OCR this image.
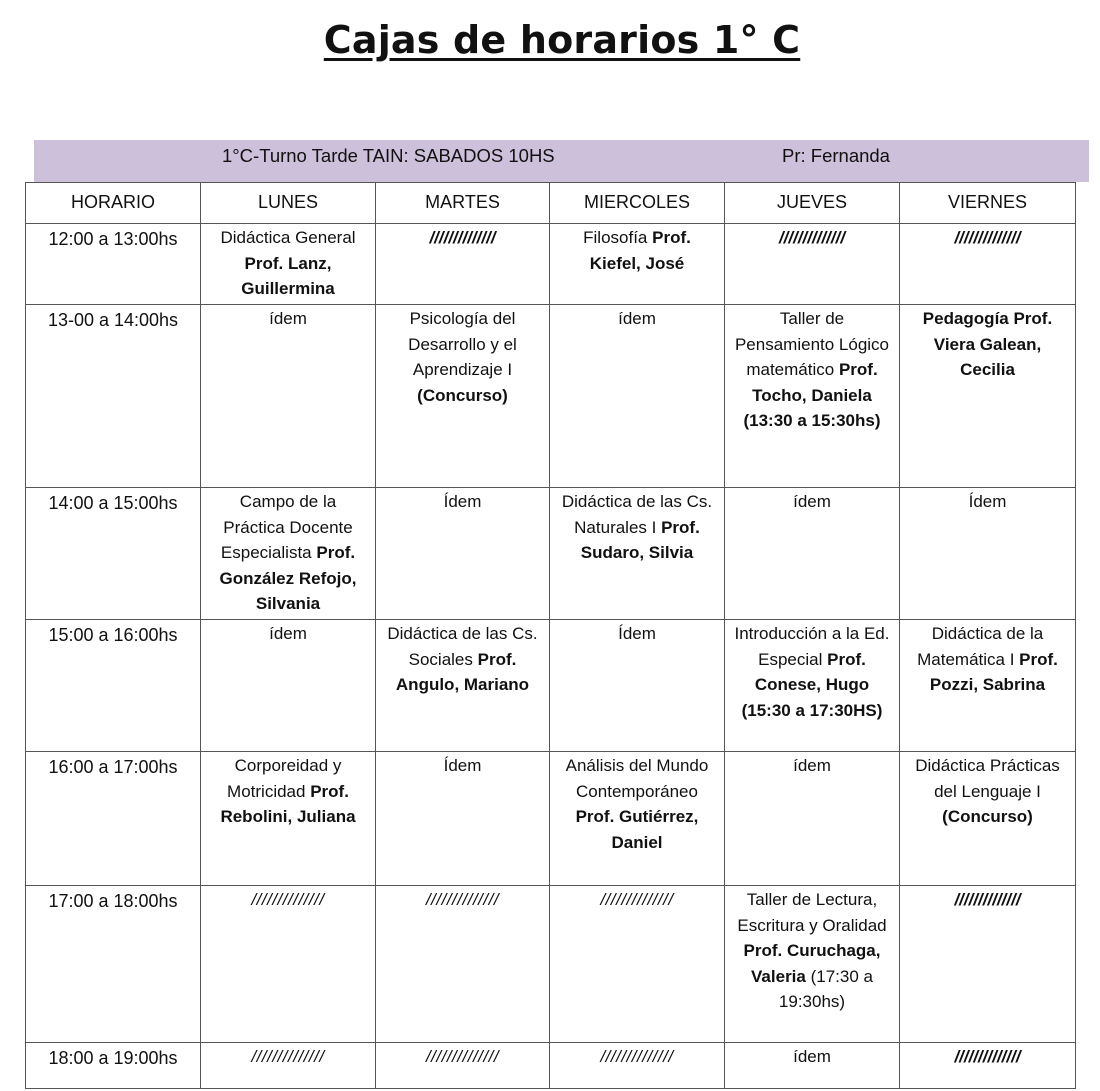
Cajas de horarios 1° C
1°C-Turno Tarde TAIN: SABADOS 10HS	Pr: Fernanda
HORARIO	LUNES	MARTES	MIERCOLES	JUEVES	VIERNES
12:00 a 13:00hs	Didáctica General Prof. Lanz, Guillermina	//////////////	Filosofía Prof. Kiefel, José	//////////////	//////////////
13-00 a 14:00hs	ídem	Psicología del Desarrollo y el Aprendizaje I (Concurso)	ídem	Taller de Pensamiento Lógico matemático Prof. Tocho, Daniela (13:30 a 15:30hs)	Pedagogía Prof. Viera Galean, Cecilia
14:00 a 15:00hs	Campo de la Práctica Docente Especialista Prof. González Refojo, Silvania	Ídem	Didáctica de las Cs. Naturales I Prof. Sudaro, Silvia	ídem	Ídem
15:00 a 16:00hs	ídem	Didáctica de las Cs. Sociales Prof. Angulo, Mariano	Ídem	Introducción a la Ed. Especial Prof. Conese, Hugo (15:30 a 17:30HS)	Didáctica de la Matemática I Prof. Pozzi, Sabrina
16:00 a 17:00hs	Corporeidad y Motricidad Prof. Rebolini, Juliana	Ídem	Análisis del Mundo Contemporáneo Prof. Gutiérrez, Daniel	ídem	Didáctica Prácticas del Lenguaje I (Concurso)
17:00 a 18:00hs	//////////////	//////////////	//////////////	Taller de Lectura, Escritura y Oralidad Prof. Curuchaga, Valeria (17:30 a 19:30hs)	//////////////
18:00 a 19:00hs	//////////////	//////////////	//////////////	ídem	//////////////
